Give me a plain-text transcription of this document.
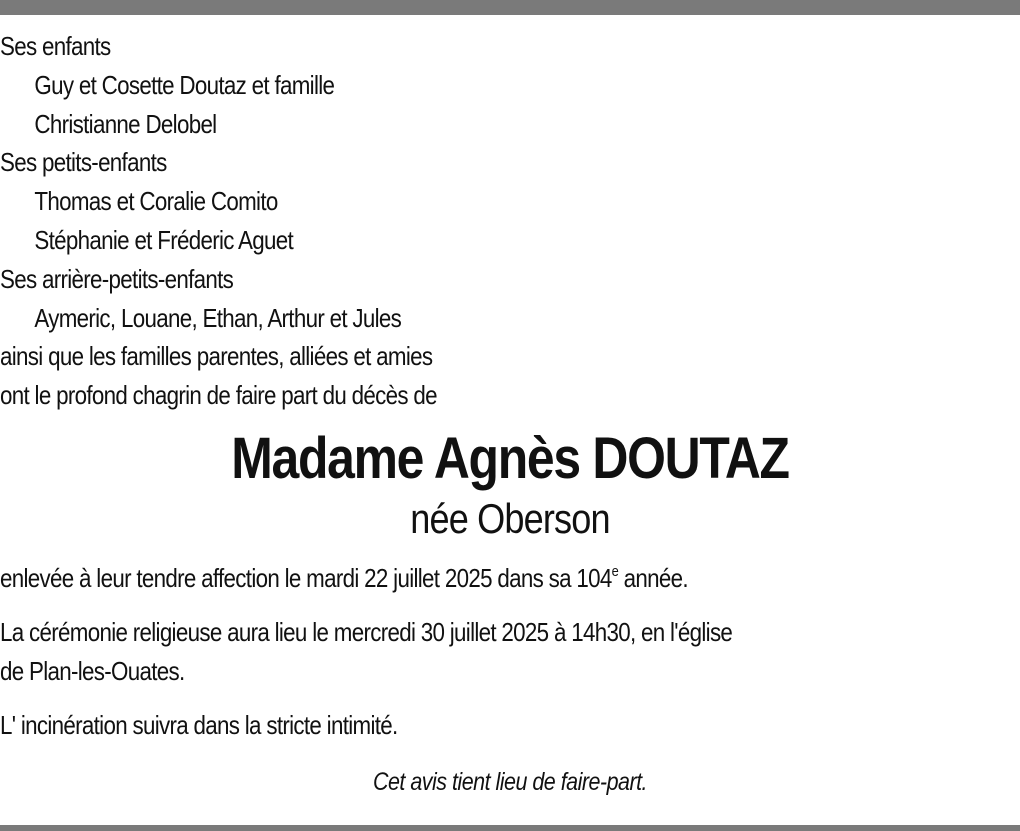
Ses enfants
Guy et Cosette Doutaz et famille
Christianne Delobel
Ses petits-enfants
Thomas et Coralie Comito
Stéphanie et Fréderic Aguet
Ses arrière-petits-enfants
Aymeric, Louane, Ethan, Arthur et Jules
ainsi que les familles parentes, alliées et amies
ont le profond chagrin de faire part du décès de
Madame Agnès DOUTAZ
née Oberson
enlevée à leur tendre affection le mardi 22 juillet 2025 dans sa 104e année.
La cérémonie religieuse aura lieu le mercredi 30 juillet 2025 à 14h30, en l'église
de Plan-les-Ouates.
L' incinération suivra dans la stricte intimité.
Cet avis tient lieu de faire-part.
